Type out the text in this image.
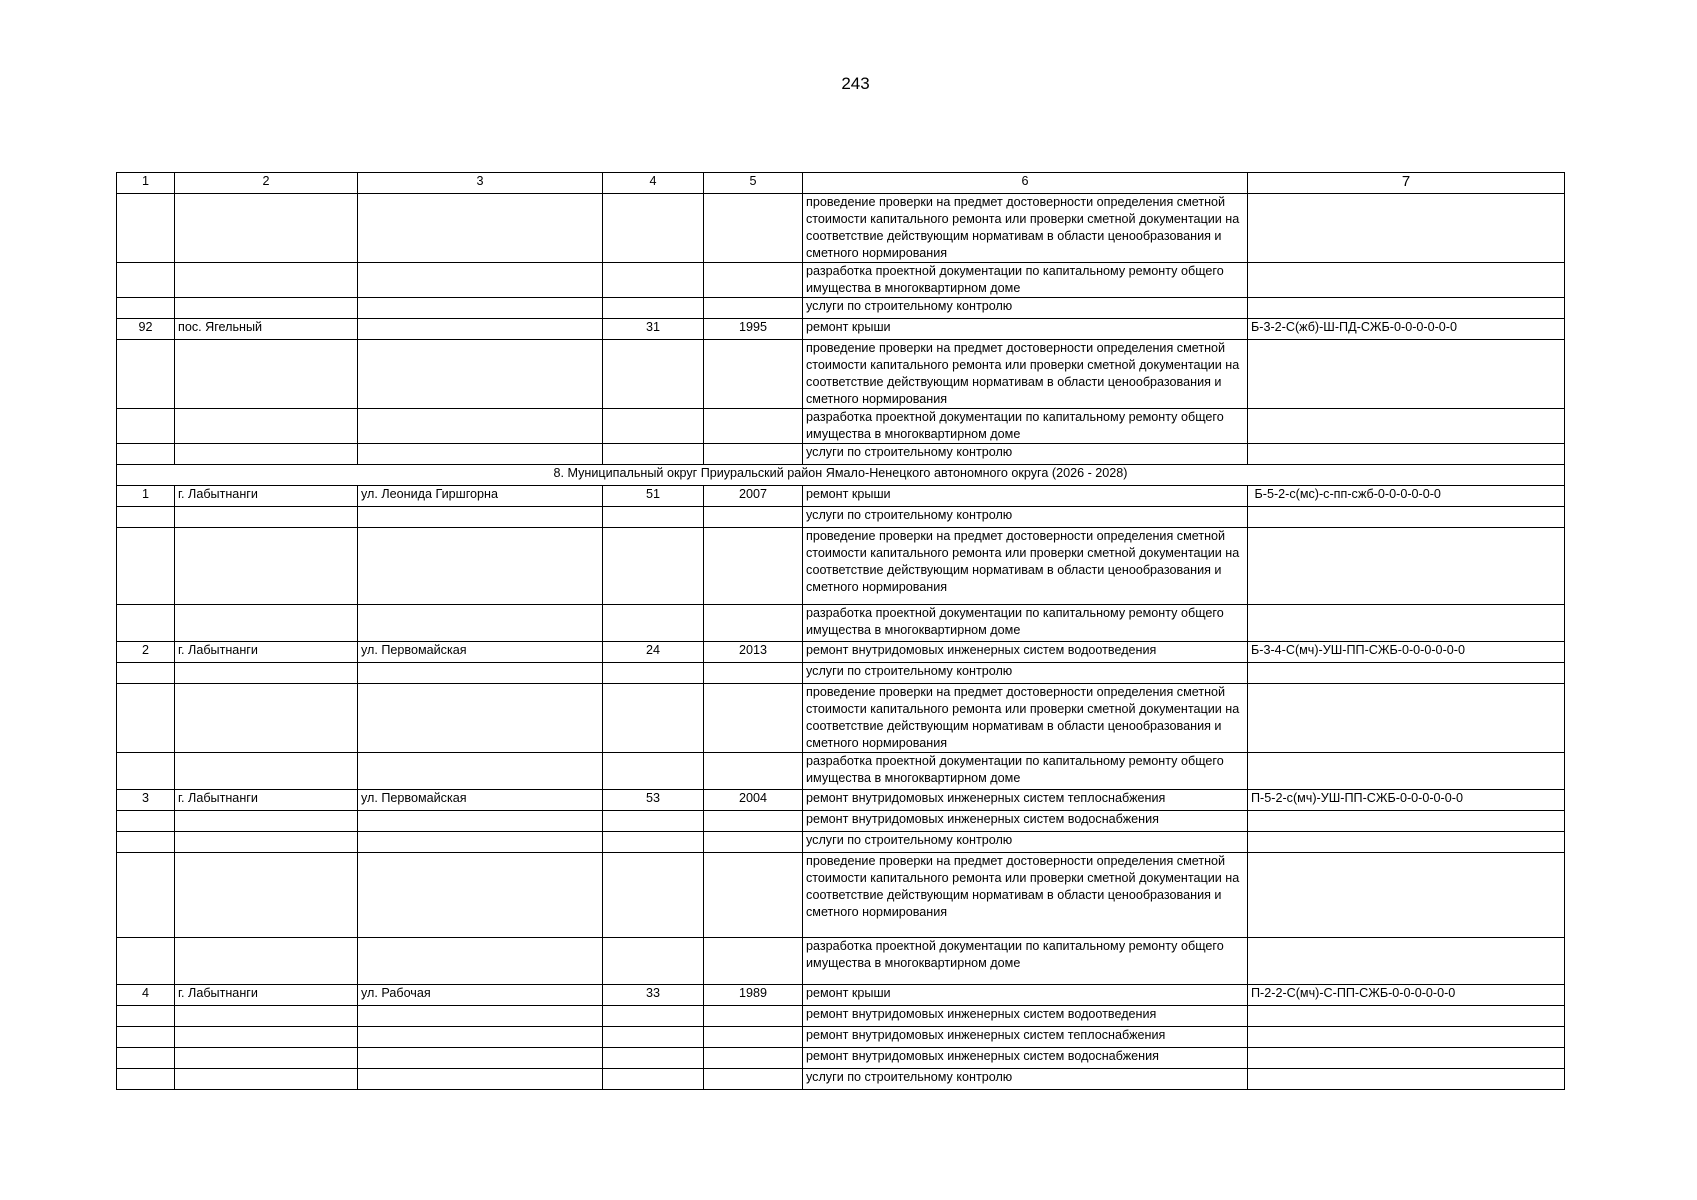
243
1	2	3	4	5	6	7
					проведение проверки на предмет достоверности определения сметной стоимости капитального ремонта или проверки сметной документации на соответствие действующим нормативам в области ценообразования и сметного нормирования	
					разработка проектной документации по капитальному ремонту общего имущества в многоквартирном доме	
					услуги по строительному контролю	
92	пос. Ягельный		31	1995	ремонт крыши	Б-3-2-С(жб)-Ш-ПД-СЖБ-0-0-0-0-0-0
					проведение проверки на предмет достоверности определения сметной стоимости капитального ремонта или проверки сметной документации на соответствие действующим нормативам в области ценообразования и сметного нормирования	
					разработка проектной документации по капитальному ремонту общего имущества в многоквартирном доме	
					услуги по строительному контролю	
8. Муниципальный округ Приуральский район Ямало-Ненецкого автономного округа (2026 - 2028)						
1	г. Лабытнанги	ул. Леонида Гиршгорна	51	2007	ремонт крыши	Б-5-2-с(мс)-с-пп-сжб-0-0-0-0-0-0
					услуги по строительному контролю	
					проведение проверки на предмет достоверности определения сметной стоимости капитального ремонта или проверки сметной документации на соответствие действующим нормативам в области ценообразования и сметного нормирования	
					разработка проектной документации по капитальному ремонту общего имущества в многоквартирном доме	
2	г. Лабытнанги	ул. Первомайская	24	2013	ремонт внутридомовых инженерных систем водоотведения	Б-3-4-С(мч)-УШ-ПП-СЖБ-0-0-0-0-0-0
					услуги по строительному контролю	
					проведение проверки на предмет достоверности определения сметной стоимости капитального ремонта или проверки сметной документации на соответствие действующим нормативам в области ценообразования и сметного нормирования	
					разработка проектной документации по капитальному ремонту общего имущества в многоквартирном доме	
3	г. Лабытнанги	ул. Первомайская	53	2004	ремонт внутридомовых инженерных систем теплоснабжения	П-5-2-с(мч)-УШ-ПП-СЖБ-0-0-0-0-0-0
					ремонт внутридомовых инженерных систем водоснабжения	
					услуги по строительному контролю	
					проведение проверки на предмет достоверности определения сметной стоимости капитального ремонта или проверки сметной документации на соответствие действующим нормативам в области ценообразования и сметного нормирования	
					разработка проектной документации по капитальному ремонту общего имущества в многоквартирном доме	
4	г. Лабытнанги	ул. Рабочая	33	1989	ремонт крыши	П-2-2-С(мч)-С-ПП-СЖБ-0-0-0-0-0-0
					ремонт внутридомовых инженерных систем водоотведения	
					ремонт внутридомовых инженерных систем теплоснабжения	
					ремонт внутридомовых инженерных систем водоснабжения	
					услуги по строительному контролю	
